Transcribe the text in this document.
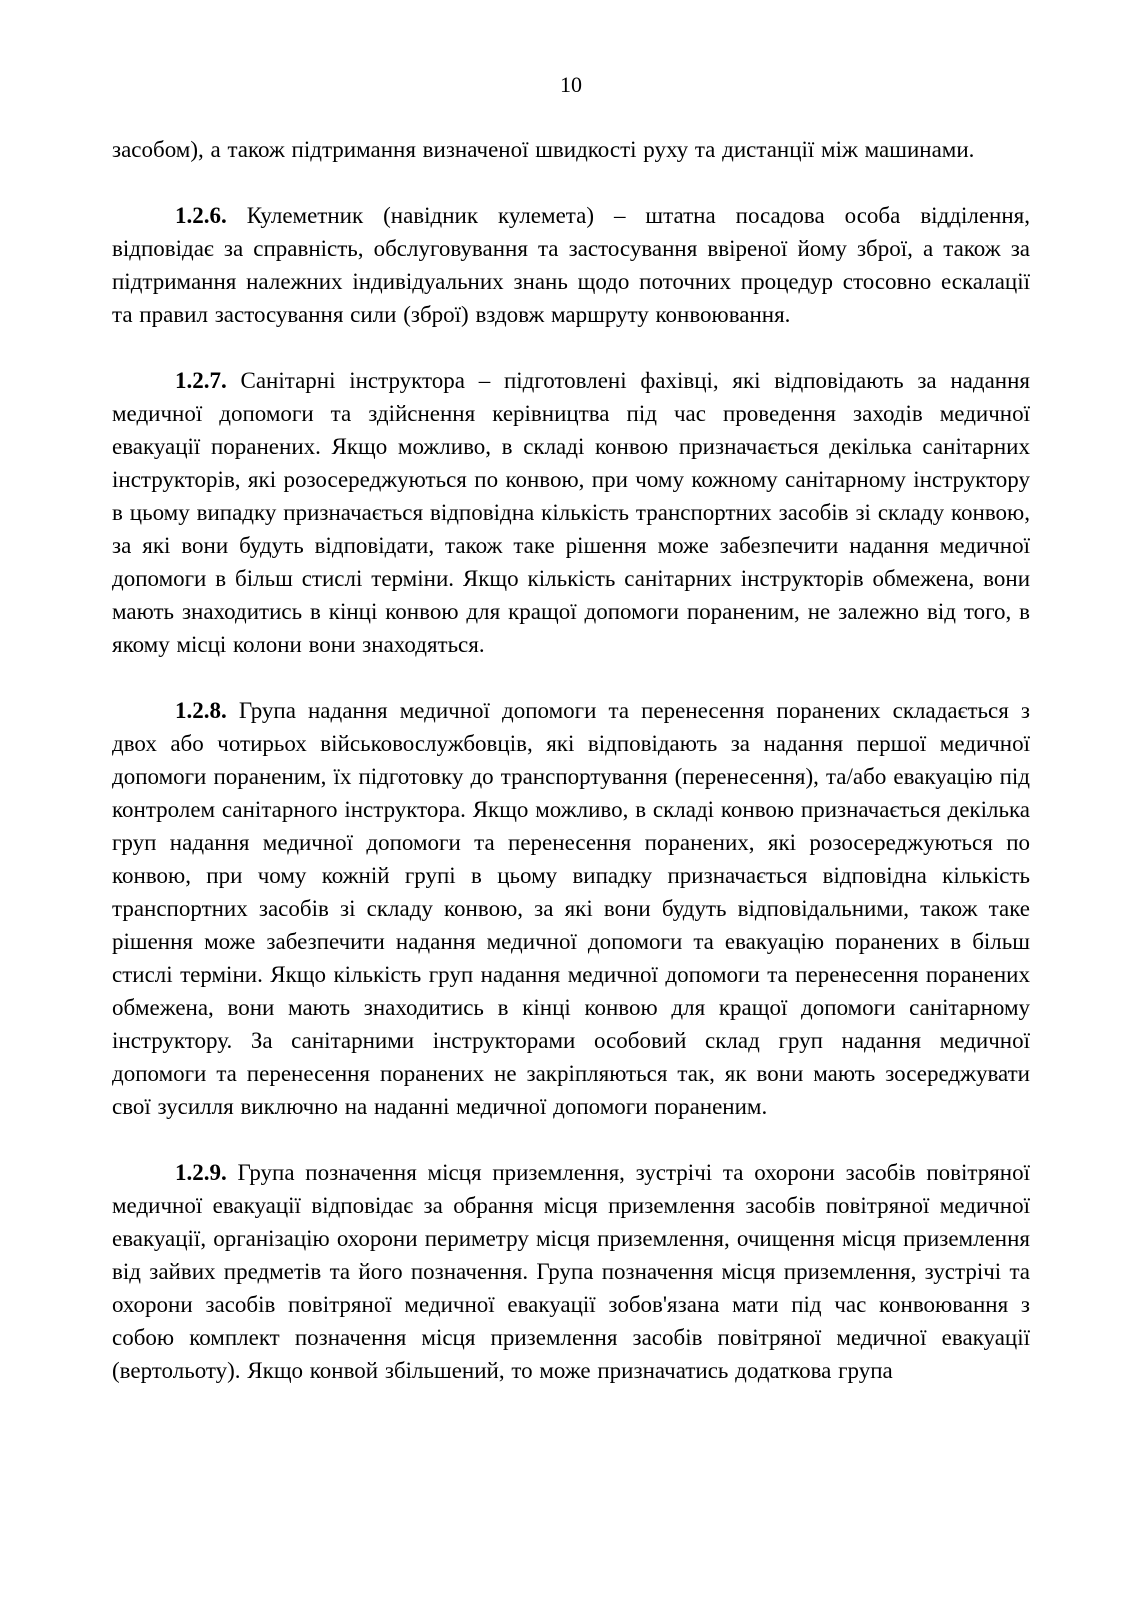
10

засобом), а також підтримання визначеної швидкості руху та дистанції між машинами.

1.2.6. Кулеметник (навідник кулемета) – штатна посадова особа відділення, відповідає за справність, обслуговування та застосування ввіреної йому зброї, а також за підтримання належних індивідуальних знань щодо поточних процедур стосовно ескалації та правил застосування сили (зброї) вздовж маршруту конвоювання.

1.2.7. Санітарні інструктора – підготовлені фахівці, які відповідають за надання медичної допомоги та здійснення керівництва під час проведення заходів медичної евакуації поранених. Якщо можливо, в складі конвою призначається декілька санітарних інструкторів, які розосереджуються по конвою, при чому кожному санітарному інструктору в цьому випадку призначається відповідна кількість транспортних засобів зі складу конвою, за які вони будуть відповідати, також таке рішення може забезпечити надання медичної допомоги в більш стислі терміни. Якщо кількість санітарних інструкторів обмежена, вони мають знаходитись в кінці конвою для кращої допомоги пораненим, не залежно від того, в якому місці колони вони знаходяться.

1.2.8. Група надання медичної допомоги та перенесення поранених складається з двох або чотирьох військовослужбовців, які відповідають за надання першої медичної допомоги пораненим, їх підготовку до транспортування (перенесення), та/або евакуацію під контролем санітарного інструктора. Якщо можливо, в складі конвою призначається декілька груп надання медичної допомоги та перенесення поранених, які розосереджуються по конвою, при чому кожній групі в цьому випадку призначається відповідна кількість транспортних засобів зі складу конвою, за які вони будуть відповідальними, також таке рішення може забезпечити надання медичної допомоги та евакуацію поранених в більш стислі терміни. Якщо кількість груп надання медичної допомоги та перенесення поранених обмежена, вони мають знаходитись в кінці конвою для кращої допомоги санітарному інструктору. За санітарними інструкторами особовий склад груп надання медичної допомоги та перенесення поранених не закріпляються так, як вони мають зосереджувати свої зусилля виключно на наданні медичної допомоги пораненим.

1.2.9. Група позначення місця приземлення, зустрічі та охорони засобів повітряної медичної евакуації відповідає за обрання місця приземлення засобів повітряної медичної евакуації, організацію охорони периметру місця приземлення, очищення місця приземлення від зайвих предметів та його позначення. Група позначення місця приземлення, зустрічі та охорони засобів повітряної медичної евакуації зобов'язана мати під час конвоювання з собою комплект позначення місця приземлення засобів повітряної медичної евакуації (вертольоту). Якщо конвой збільшений, то може призначатись додаткова група
